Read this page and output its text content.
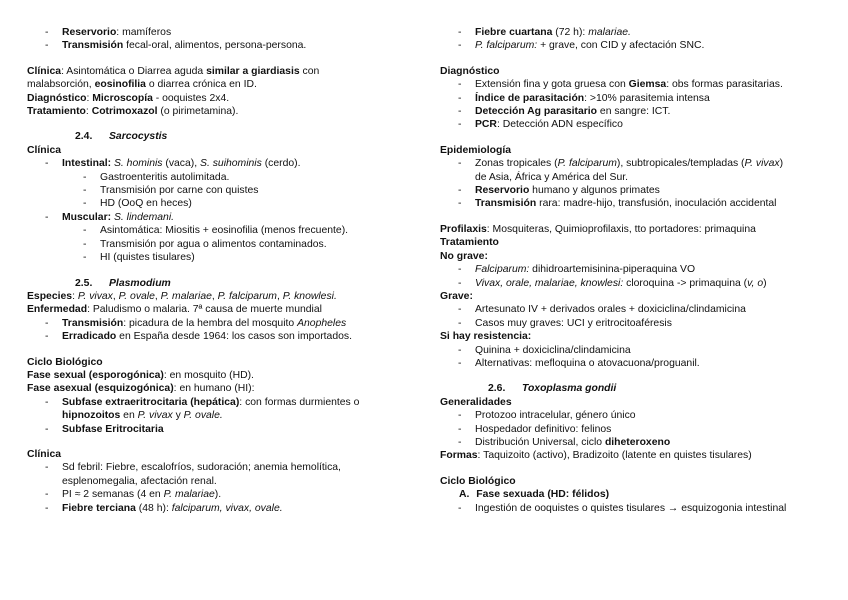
- Reservorio: mamíferos
- Transmisión fecal-oral, alimentos, persona-persona.
Clínica: Asintomática o Diarrea aguda similar a giardiasis con
malabsorción, eosinofilia o diarrea crónica en ID.
Diagnóstico: Microscopía - ooquistes 2x4.
Tratamiento: Cotrimoxazol (o pirimetamina).
2.4. Sarcocystis
Clínica
- Intestinal: S. hominis (vaca), S. suihominis (cerdo).
- Gastroenteritis autolimitada.
- Transmisión por carne con quistes
- HD (OoQ en heces)
- Muscular: S. lindemani.
- Asintomática: Miositis + eosinofilia (menos frecuente).
- Transmisión por agua o alimentos contaminados.
- HI (quistes tisulares)
2.5. Plasmodium
Especies: P. vivax, P. ovale, P. malariae, P. falciparum, P. knowlesi.
Enfermedad: Paludismo o malaria. 7ª causa de muerte mundial
- Transmisión: picadura de la hembra del mosquito Anopheles
- Erradicado en España desde 1964: los casos son importados.
Ciclo Biológico
Fase sexual (esporogónica): en mosquito (HD).
Fase asexual (esquizogónica): en humano (HI):
- Subfase extraeritrocitaria (hepática): con formas durmientes o
hipnozoitos en P. vivax y P. ovale.
- Subfase Eritrocitaria
Clínica
- Sd febril: Fiebre, escalofríos, sudoración; anemia hemolítica,
esplenomegalia, afectación renal.
- PI ≈ 2 semanas (4 en P. malariae).
- Fiebre terciana (48 h): falciparum, vivax, ovale.
- Fiebre cuartana (72 h): malariae.
- P. falciparum: + grave, con CID y afectación SNC.
Diagnóstico
- Extensión fina y gota gruesa con Giemsa: obs formas parasitarias.
- Índice de parasitación: >10% parasitemia intensa
- Detección Ag parasitario en sangre: ICT.
- PCR: Detección ADN específico
Epidemiología
- Zonas tropicales (P. falciparum), subtropicales/templadas (P. vivax)
de Asia, África y América del Sur.
- Reservorio humano y algunos primates
- Transmisión rara: madre-hijo, transfusión, inoculación accidental
Profilaxis: Mosquiteras, Quimioprofilaxis, tto portadores: primaquina
Tratamiento
No grave:
- Falciparum: dihidroartemisinina-piperaquina VO
- Vivax, orale, malariae, knowlesi: cloroquina -> primaquina (v, o)
Grave:
- Artesunato IV + derivados orales + doxiciclina/clindamicina
- Casos muy graves: UCI y eritrocitoaféresis
Si hay resistencia:
- Quinina + doxiciclina/clindamicina
- Alternativas: mefloquina o atovacuona/proguanil.
2.6. Toxoplasma gondii
Generalidades
- Protozoo intracelular, género único
- Hospedador definitivo: felinos
- Distribución Universal, ciclo diheteroxeno
Formas: Taquizoito (activo), Bradizoito (latente en quistes tisulares)
Ciclo Biológico
A. Fase sexuada (HD: félidos)
- Ingestión de ooquistes o quistes tisulares → esquizogonia intestinal
